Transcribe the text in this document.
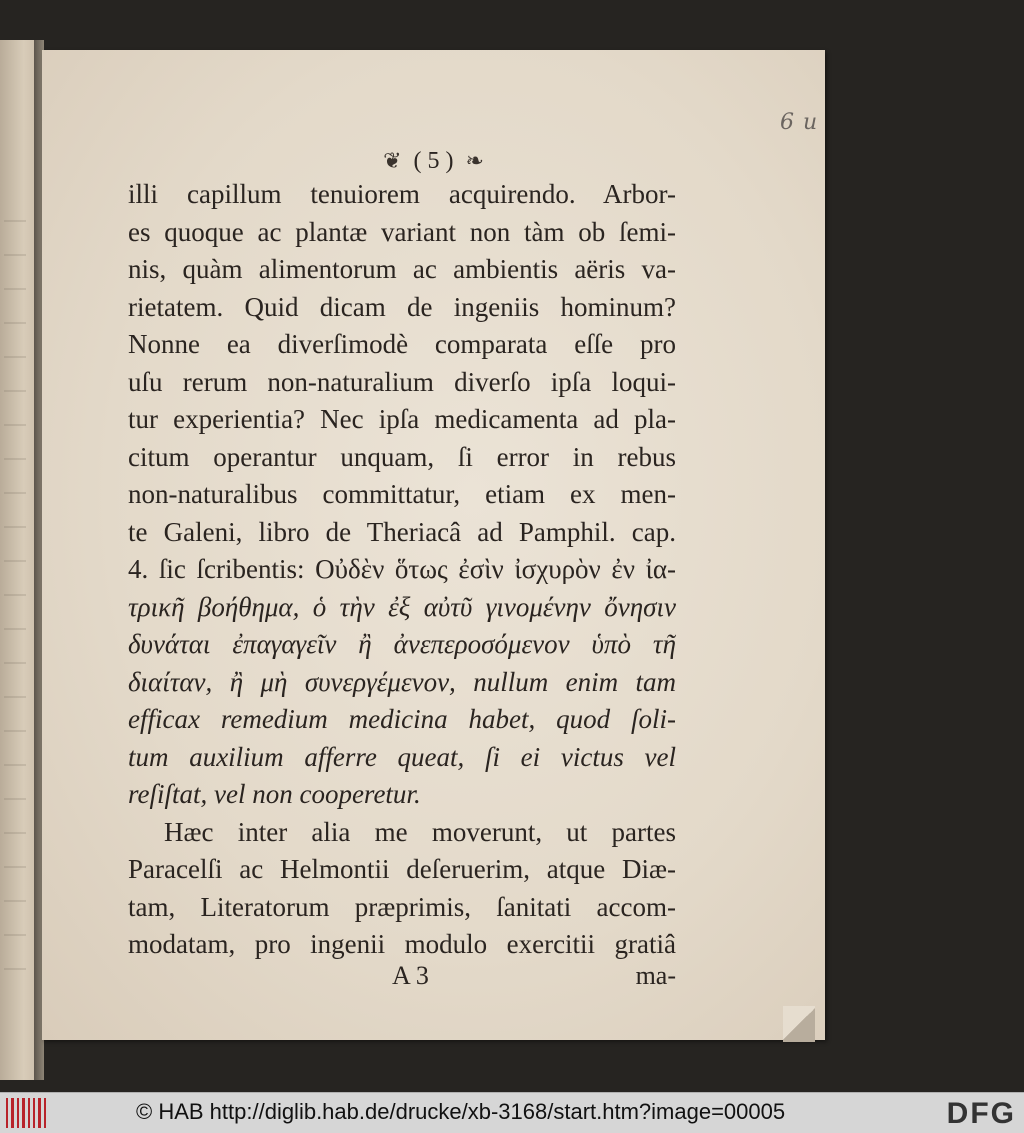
6 u
❦ ( 5 ) ❧
illi capillum tenuiorem acquirendo. Arbor-
es quoque ac plantæ variant non tàm ob ſemi-
nis, quàm alimentorum ac ambientis aëris va-
rietatem. Quid dicam de ingeniis hominum?
Nonne ea diverſimodè comparata eſſe pro
uſu rerum non-naturalium diverſo ipſa loqui-
tur experientia? Nec ipſa medicamenta ad pla-
citum operantur unquam, ſi error in rebus
non-naturalibus committatur, etiam ex men-
te Galeni, libro de Theriacâ ad Pamphil. cap.
4. ſic ſcribentis: Οὐδὲν ὅτως ἐσὶν ἰσχυρὸν ἐν ἰα-
τρικῆ βοήθημα, ὁ τὴν ἐξ αὐτῦ γινομένην ὄνησιν
δυνάται ἐπαγαγεῖν ἢ ἀνεπεροσόμενον ὑπὸ τῆ
διαίταν, ἢ μὴ συνεργέμενον, nullum enim tam
efficax remedium medicina habet, quod ſoli-
tum auxilium afferre queat, ſi ei victus vel
reſiſtat, vel non cooperetur.
Hæc inter alia me moverunt, ut partes
Paracelſi ac Helmontii deſeruerim, atque Diæ-
tam, Literatorum præprimis, ſanitati accom-
modatam, pro ingenii modulo exercitii gratiâ
A 3	ma-
© HAB http://diglib.hab.de/drucke/xb-3168/start.htm?image=00005	DFG
